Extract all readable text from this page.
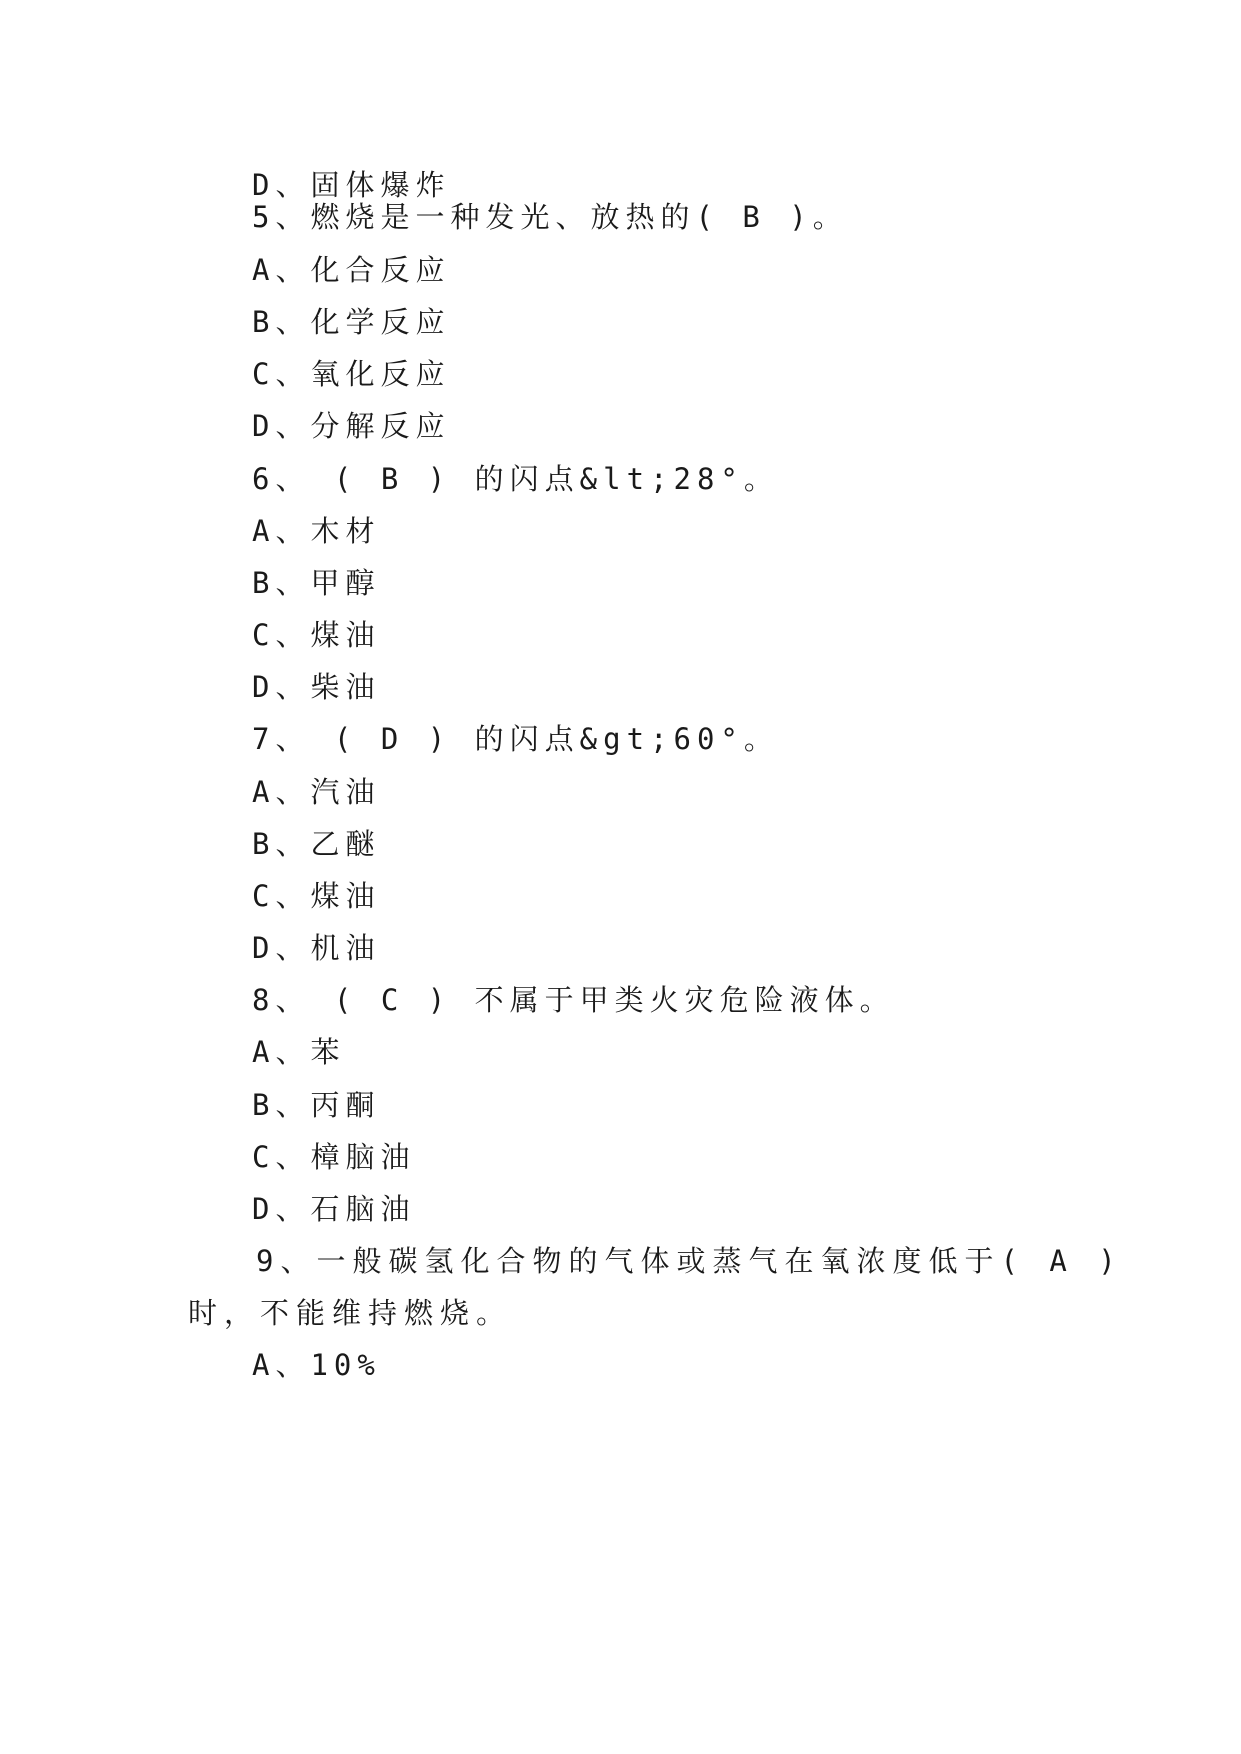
D、固体爆炸
5、燃烧是一种发光、放热的( B )。
A、化合反应
B、化学反应
C、氧化反应
D、分解反应
6、 ( B ) 的闪点&lt;28°。
A、木材
B、甲醇
C、煤油
D、柴油
7、 ( D ) 的闪点&gt;60°。
A、汽油
B、乙醚
C、煤油
D、机油
8、 ( C ) 不属于甲类火灾危险液体。
A、苯
B、丙酮
C、樟脑油
D、石脑油
9、一般碳氢化合物的气体或蒸气在氧浓度低于( A )
时，不能维持燃烧。
A、10%
